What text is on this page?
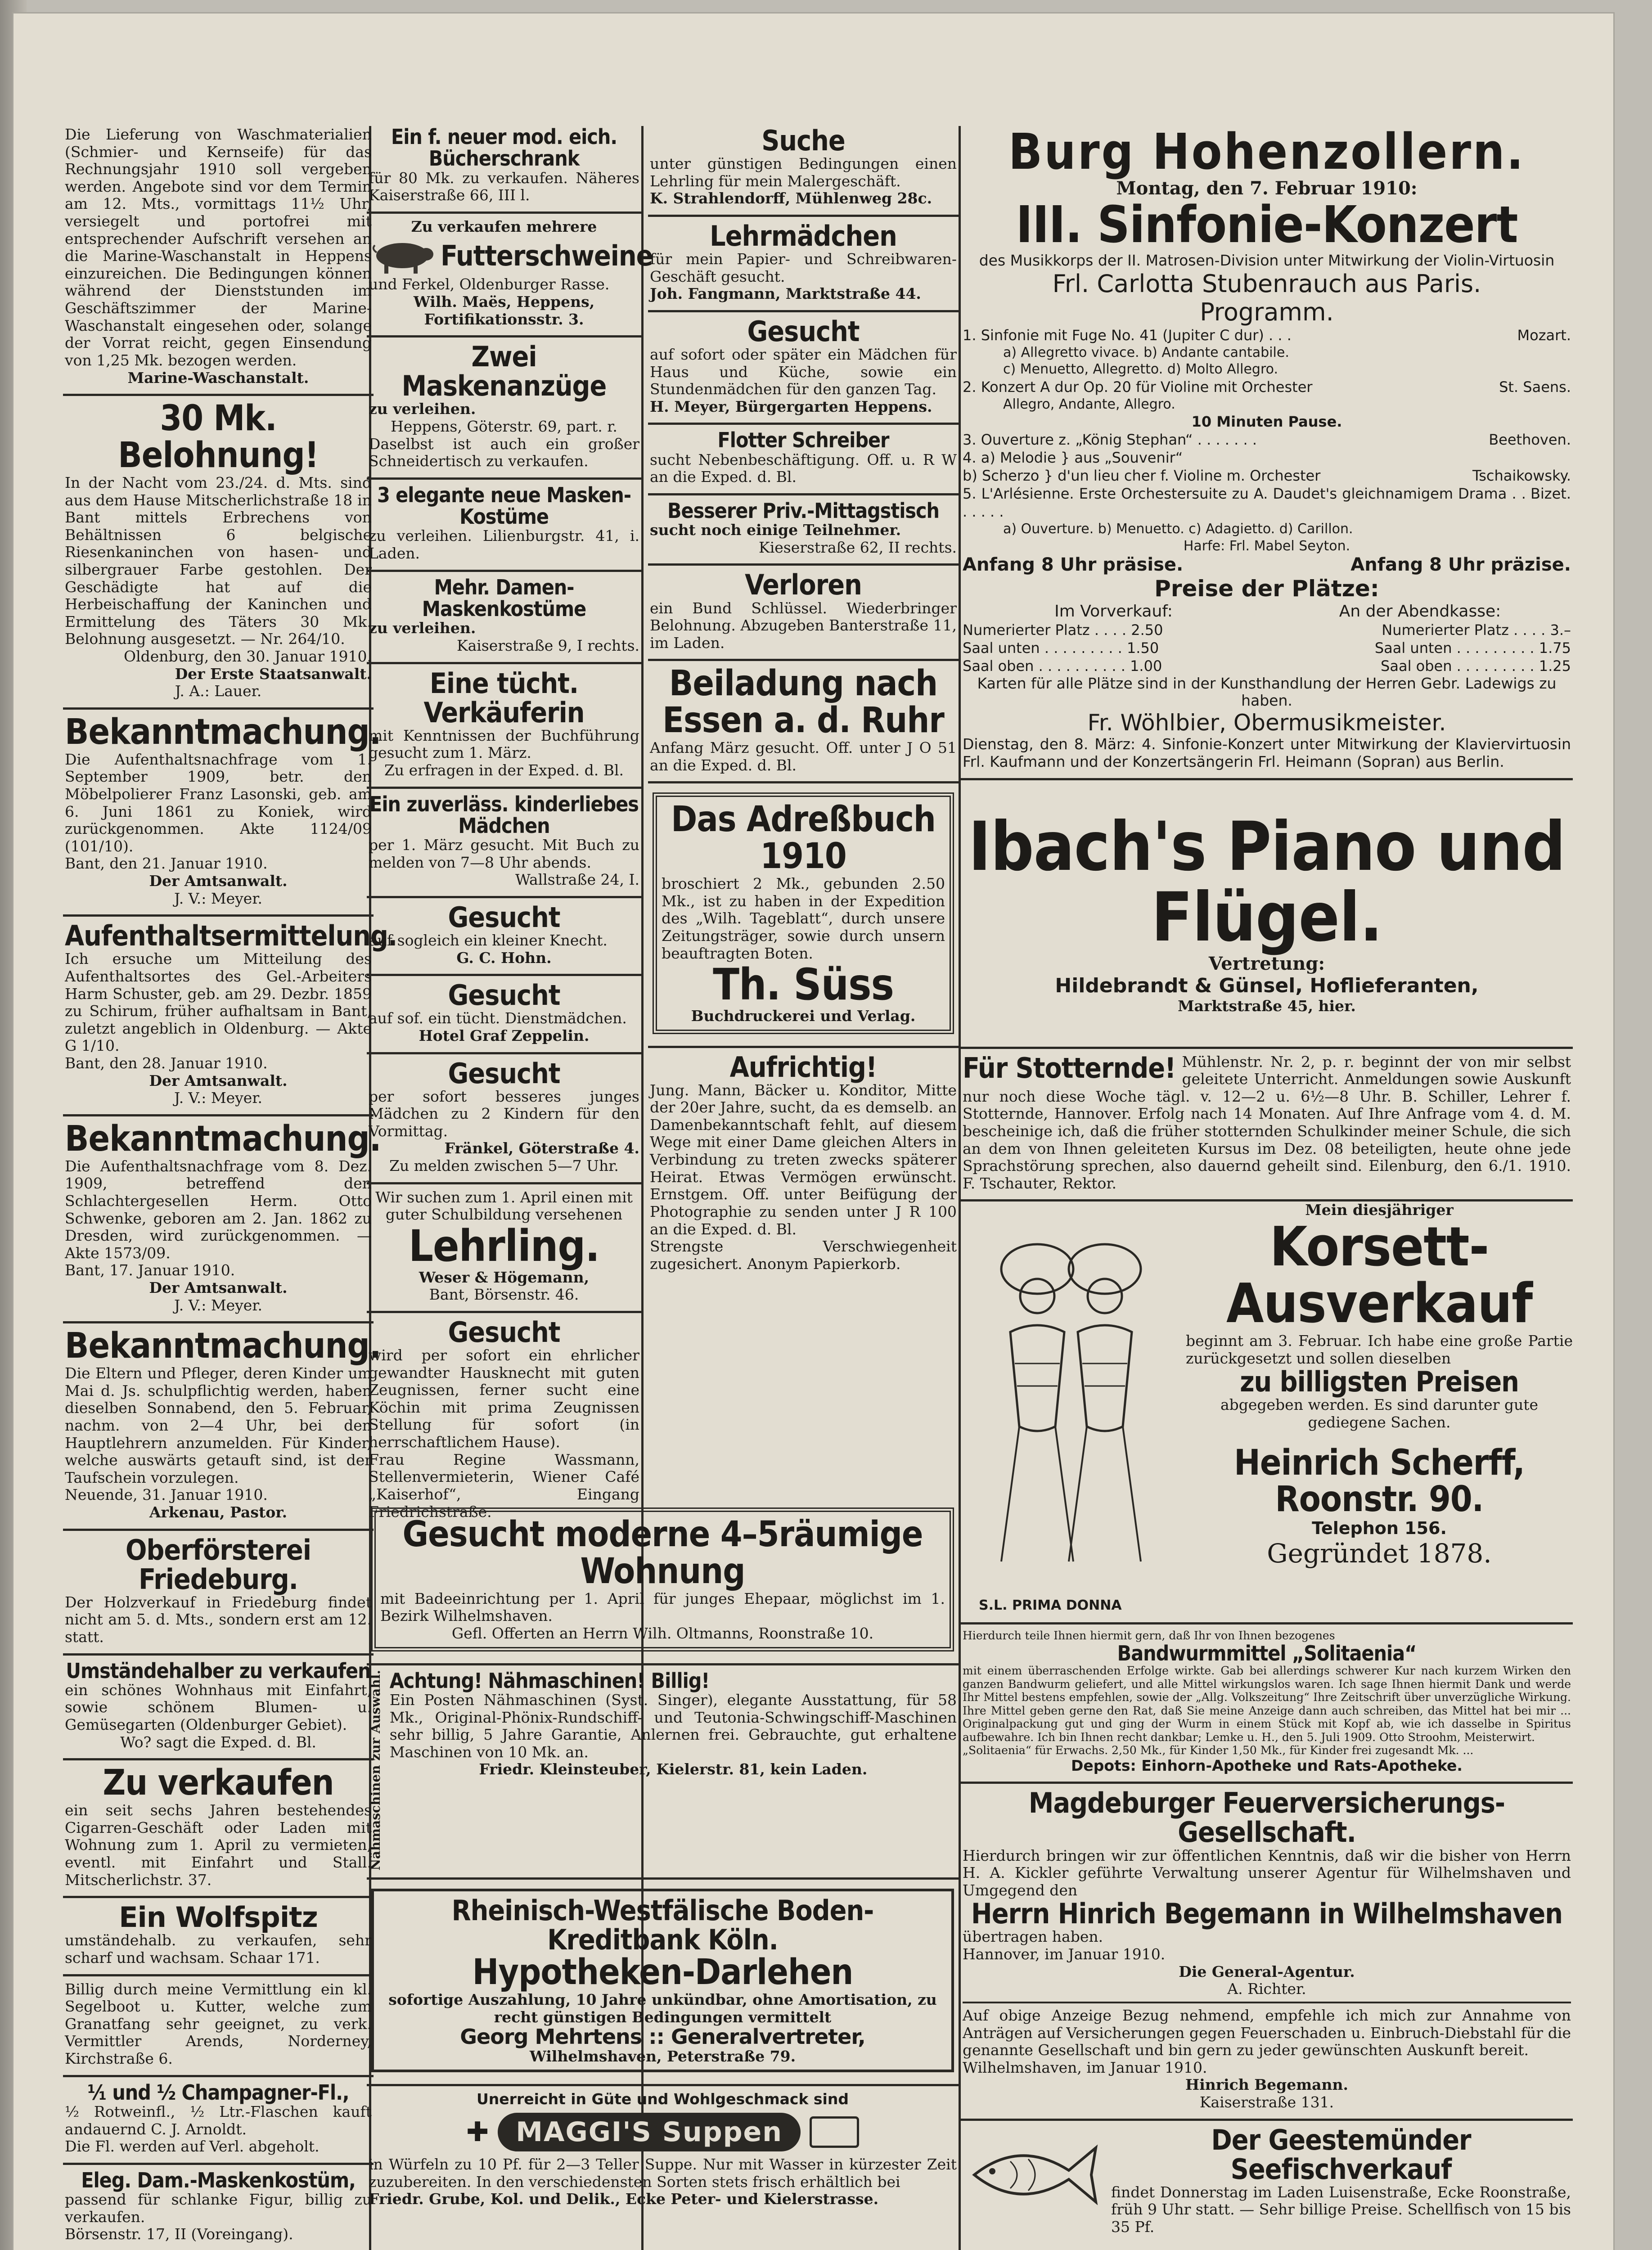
Die Lieferung von Waschmaterialien (Schmier- und Kernseife) für das Rechnungsjahr 1910 soll vergeben werden. Angebote sind vor dem Termin am 12. Mts., vormittags 11½ Uhr, versiegelt und portofrei mit entsprechender Aufschrift versehen an die Marine-Waschanstalt in Heppens einzureichen. Die Bedingungen können während der Dienststunden im Geschäftszimmer der Marine-Waschanstalt eingesehen oder, solange der Vorrat reicht, gegen Einsendung von 1,25 Mk. bezogen werden.

Marine-Waschanstalt.

30 Mk. Belohnung!

In der Nacht vom 23./24. d. Mts. sind aus dem Hause Mitscherlichstraße 18 in Bant mittels Erbrechens von Behältnissen 6 belgische Riesenkaninchen von hasen- und silbergrauer Farbe gestohlen. Der Geschädigte hat auf die Herbeischaffung der Kaninchen und Ermittelung des Täters 30 Mk. Belohnung ausgesetzt. — Nr. 264/10.

Oldenburg, den 30. Januar 1910.

Der Erste Staatsanwalt.

J. A.: Lauer.

Bekanntmachung.

Die Aufenthaltsnachfrage vom 1. September 1909, betr. den Möbelpolierer Franz Lasonski, geb. am 6. Juni 1861 zu Koniek, wird zurückgenommen. Akte 1124/09 (101/10).

Bant, den 21. Januar 1910.

Der Amtsanwalt.

J. V.: Meyer.

Aufenthaltsermittelung.

Ich ersuche um Mitteilung des Aufenthaltsortes des Gel.-Arbeiters Harm Schuster, geb. am 29. Dezbr. 1859 zu Schirum, früher aufhaltsam in Bant, zuletzt angeblich in Oldenburg. — Akte G 1/10.

Bant, den 28. Januar 1910.

Der Amtsanwalt.

J. V.: Meyer.

Bekanntmachung.

Die Aufenthaltsnachfrage vom 8. Dez. 1909, betreffend den Schlachtergesellen Herm. Otto Schwenke, geboren am 2. Jan. 1862 zu Dresden, wird zurückgenommen. — Akte 1573/09.

Bant, 17. Januar 1910.

Der Amtsanwalt.

J. V.: Meyer.

Bekanntmachung.

Die Eltern und Pfleger, deren Kinder um Mai d. Js. schulpflichtig werden, haben dieselben Sonnabend, den 5. Februar, nachm. von 2—4 Uhr, bei den Hauptlehrern anzumelden. Für Kinder, welche auswärts getauft sind, ist der Taufschein vorzulegen.

Neuende, 31. Januar 1910.

Arkenau, Pastor.

Oberförsterei Friedeburg.

Der Holzverkauf in Friedeburg findet nicht am 5. d. Mts., sondern erst am 12. statt.

Umständehalber zu verkaufen

ein schönes Wohnhaus mit Einfahrt, sowie schönem Blumen- u. Gemüsegarten (Oldenburger Gebiet).

Wo? sagt die Exped. d. Bl.

Zu verkaufen

ein seit sechs Jahren bestehendes Cigarren-Geschäft oder Laden mit Wohnung zum 1. April zu vermieten, eventl. mit Einfahrt und Stall. Mitscherlichstr. 37.

Ein Wolfspitz

umständehalb. zu verkaufen, sehr scharf und wachsam. Schaar 171.

Billig durch meine Vermittlung ein kl. Segelboot u. Kutter, welche zum Granatfang sehr geeignet, zu verk. Vermittler Arends, Norderney, Kirchstraße 6.

⅟₁ und ½ Champagner-Fl.,

½ Rotweinfl., ½ Ltr.-Flaschen kauft andauernd C. J. Arnoldt.

Die Fl. werden auf Verl. abgeholt.

Eleg. Dam.-Maskenkostüm,

passend für schlanke Figur, billig zu verkaufen.

Börsenstr. 17, II (Voreingang).

Ein f. neuer mod. eich. Bücherschrank

für 80 Mk. zu verkaufen. Näheres Kaiserstraße 66, III l.

Zu verkaufen mehrere

Futterschweine

und Ferkel, Oldenburger Rasse.

Wilh. Maës, Heppens, Fortifikationsstr. 3.

Zwei Maskenanzüge

zu verleihen.

Heppens, Göterstr. 69, part. r.

Daselbst ist auch ein großer Schneidertisch zu verkaufen.

3 elegante neue Masken-Kostüme

zu verleihen. Lilienburgstr. 41, i. Laden.

Mehr. Damen-Maskenkostüme

zu verleihen.

Kaiserstraße 9, I rechts.

Eine tücht. Verkäuferin

mit Kenntnissen der Buchführung gesucht zum 1. März.

Zu erfragen in der Exped. d. Bl.

Ein zuverläss. kinderliebes Mädchen

per 1. März gesucht. Mit Buch zu melden von 7—8 Uhr abends.

Wallstraße 24, I.

Gesucht

auf sogleich ein kleiner Knecht.

G. C. Hohn.

Gesucht

auf sof. ein tücht. Dienstmädchen.

Hotel Graf Zeppelin.

Gesucht

per sofort besseres junges Mädchen zu 2 Kindern für den Vormittag.

Fränkel, Göterstraße 4.

Zu melden zwischen 5—7 Uhr.

Wir suchen zum 1. April einen mit guter Schulbildung versehenen

Lehrling.

Weser & Högemann,

Bant, Börsenstr. 46.

Gesucht

wird per sofort ein ehrlicher gewandter Hausknecht mit guten Zeugnissen, ferner sucht eine Köchin mit prima Zeugnissen Stellung für sofort (in herrschaftlichem Hause).

Frau Regine Wassmann, Stellenvermieterin, Wiener Café „Kaiserhof“, Eingang Friedrichstraße.

Suche

unter günstigen Bedingungen einen Lehrling für mein Malergeschäft.

K. Strahlendorff, Mühlenweg 28c.

Lehrmädchen

für mein Papier- und Schreibwaren-Geschäft gesucht.

Joh. Fangmann, Marktstraße 44.

Gesucht

auf sofort oder später ein Mädchen für Haus und Küche, sowie ein Stundenmädchen für den ganzen Tag.

H. Meyer, Bürgergarten Heppens.

Flotter Schreiber

sucht Nebenbeschäftigung. Off. u. R W an die Exped. d. Bl.

Besserer Priv.-Mittagstisch

sucht noch einige Teilnehmer.

Kieserstraße 62, II rechts.

Verloren

ein Bund Schlüssel. Wiederbringer Belohnung. Abzugeben Banterstraße 11, im Laden.

Beiladung nach Essen a. d. Ruhr

Anfang März gesucht. Off. unter J O 51 an die Exped. d. Bl.

Das Adreßbuch 1910

broschiert 2 Mk., gebunden 2.50 Mk., ist zu haben in der Expedition des „Wilh. Tageblatt“, durch unsere Zeitungsträger, sowie durch unsern beauftragten Boten.

Th. Süss

Buchdruckerei und Verlag.

Aufrichtig!

Jung. Mann, Bäcker u. Konditor, Mitte der 20er Jahre, sucht, da es demselb. an Damenbekanntschaft fehlt, auf diesem Wege mit einer Dame gleichen Alters in Verbindung zu treten zwecks späterer Heirat. Etwas Vermögen erwünscht. Ernstgem. Off. unter Beifügung der Photographie zu senden unter J R 100 an die Exped. d. Bl.

Strengste Verschwiegenheit zugesichert. Anonym Papierkorb.

Gesucht moderne 4–5räumige Wohnung

mit Badeeinrichtung per 1. April für junges Ehepaar, möglichst im 1. Bezirk Wilhelmshaven.

Gefl. Offerten an Herrn Wilh. Oltmanns, Roonstraße 10.

Nähmaschinen zur Auswahl. Achtung! Nähmaschinen! Billig!

Ein Posten Nähmaschinen (Syst. Singer), elegante Ausstattung, für 58 Mk., Original-Phönix-Rundschiff- und Teutonia-Schwingschiff-Maschinen sehr billig, 5 Jahre Garantie, Anlernen frei. Gebrauchte, gut erhaltene Maschinen von 10 Mk. an.

Friedr. Kleinsteuber, Kielerstr. 81, kein Laden.

Rheinisch-Westfälische Boden-Kreditbank Köln.
Hypotheken-Darlehen

sofortige Auszahlung, 10 Jahre unkündbar, ohne Amortisation, zu recht günstigen Bedingungen vermittelt

Georg Mehrtens :: Generalvertreter,

Wilhelmshaven, Peterstraße 79.

Unerreicht in Güte und Wohlgeschmack sind

✚	MAGGI'S Suppen

in Würfeln zu 10 Pf. für 2—3 Teller Suppe. Nur mit Wasser in kürzester Zeit zuzubereiten. In den verschiedensten Sorten stets frisch erhältlich bei

Friedr. Grube, Kol. und Delik., Ecke Peter- und Kielerstrasse.

Burg Hohenzollern.

Montag, den 7. Februar 1910:

III. Sinfonie-Konzert

des Musikkorps der II. Matrosen-Division unter Mitwirkung der Violin-Virtuosin

Frl. Carlotta Stubenrauch aus Paris.

Programm.

1. Sinfonie mit Fuge No. 41 (Jupiter C dur) . . .	Mozart.
a) Allegretto vivace. b) Andante cantabile.
c) Menuetto, Allegretto. d) Molto Allegro.
2. Konzert A dur Op. 20 für Violine mit Orchester	St. Saens.
Allegro, Andante, Allegro.
10 Minuten Pause.
3. Ouverture z. „König Stephan“ . . . . . . .	Beethoven.
4. a) Melodie } aus „Souvenir“
b) Scherzo } d'un lieu cher f. Violine m. Orchester	Tschaikowsky.
5. L'Arlésienne. Erste Orchestersuite zu A. Daudet's gleichnamigem Drama . . . . . . .
Bizet.
a) Ouverture. b) Menuetto. c) Adagietto. d) Carillon.
Harfe: Frl. Mabel Seyton.
Anfang 8 Uhr präsise.	Anfang 8 Uhr präzise.

Preise der Plätze:

Im Vorverkauf:	An der Abendkasse:
Numerierter Platz . . . . 2.50	Numerierter Platz . . . . 3.–
Saal unten . . . . . . . . . 1.50	Saal unten . . . . . . . . . 1.75
Saal oben . . . . . . . . . . 1.00	Saal oben . . . . . . . . . 1.25

Karten für alle Plätze sind in der Kunsthandlung der Herren Gebr. Ladewigs zu haben.

Fr. Wöhlbier, Obermusikmeister.

Dienstag, den 8. März: 4. Sinfonie-Konzert unter Mitwirkung der Klaviervirtuosin Frl. Kaufmann und der Konzertsängerin Frl. Heimann (Sopran) aus Berlin.

Ibach's Piano und Flügel.

Vertretung:

Hildebrandt & Günsel, Hoflieferanten,

Marktstraße 45, hier.

Für Stotternde! Mühlenstr. Nr. 2, p. r. beginnt der von mir selbst geleitete Unterricht. Anmeldungen sowie Auskunft nur noch diese Woche tägl. v. 12—2 u. 6½—8 Uhr. B. Schiller, Lehrer f. Stotternde, Hannover. Erfolg nach 14 Monaten. Auf Ihre Anfrage vom 4. d. M. bescheinige ich, daß die früher stotternden Schulkinder meiner Schule, die sich an dem von Ihnen geleiteten Kursus im Dez. 08 beteiligten, heute ohne jede Sprachstörung sprechen, also dauernd geheilt sind. Eilenburg, den 6./1. 1910. F. Tschauter, Rektor.

Mein diesjähriger

Korsett-Ausverkauf

beginnt am 3. Februar. Ich habe eine große Partie zurückgesetzt und sollen dieselben

zu billigsten Preisen

abgegeben werden. Es sind darunter gute gediegene Sachen.

Heinrich Scherff, Roonstr. 90.

Telephon 156.

Gegründet 1878.

S.L. PRIMA DONNA

Hierdurch teile Ihnen hiermit gern, daß Ihr von Ihnen bezogenes

Bandwurmmittel „Solitaenia“

mit einem überraschenden Erfolge wirkte. Gab bei allerdings schwerer Kur nach kurzem Wirken den ganzen Bandwurm geliefert, und alle Mittel wirkungslos waren. Ich sage Ihnen hiermit Dank und werde Ihr Mittel bestens empfehlen, sowie der „Allg. Volkszeitung“ Ihre Zeitschrift über unverzügliche Wirkung. Ihre Mittel geben gerne den Rat, daß Sie meine Anzeige dann auch schreiben, das Mittel hat bei mir ... Originalpackung gut und ging der Wurm in einem Stück mit Kopf ab, wie ich dasselbe in Spiritus aufbewahre. Ich bin Ihnen recht dankbar; Lemke u. H., den 5. Juli 1909. Otto Stroohm, Meisterwirt.

„Solitaenia“ für Erwachs. 2,50 Mk., für Kinder 1,50 Mk., für Kinder frei zugesandt Mk. ...

Depots: Einhorn-Apotheke und Rats-Apotheke.

Magdeburger Feuerversicherungs-Gesellschaft.

Hierdurch bringen wir zur öffentlichen Kenntnis, daß wir die bisher von Herrn H. A. Kickler geführte Verwaltung unserer Agentur für Wilhelmshaven und Umgegend den

Herrn Hinrich Begemann in Wilhelmshaven

übertragen haben.

Hannover, im Januar 1910.

Die General-Agentur.

A. Richter.

Auf obige Anzeige Bezug nehmend, empfehle ich mich zur Annahme von Anträgen auf Versicherungen gegen Feuerschaden u. Einbruch-Diebstahl für die genannte Gesellschaft und bin gern zu jeder gewünschten Auskunft bereit.

Wilhelmshaven, im Januar 1910.

Hinrich Begemann.

Kaiserstraße 131.

Der Geestemünder Seefischverkauf

findet Donnerstag im Laden Luisenstraße, Ecke Roonstraße, früh 9 Uhr statt. — Sehr billige Preise. Schellfisch von 15 bis 35 Pf.
